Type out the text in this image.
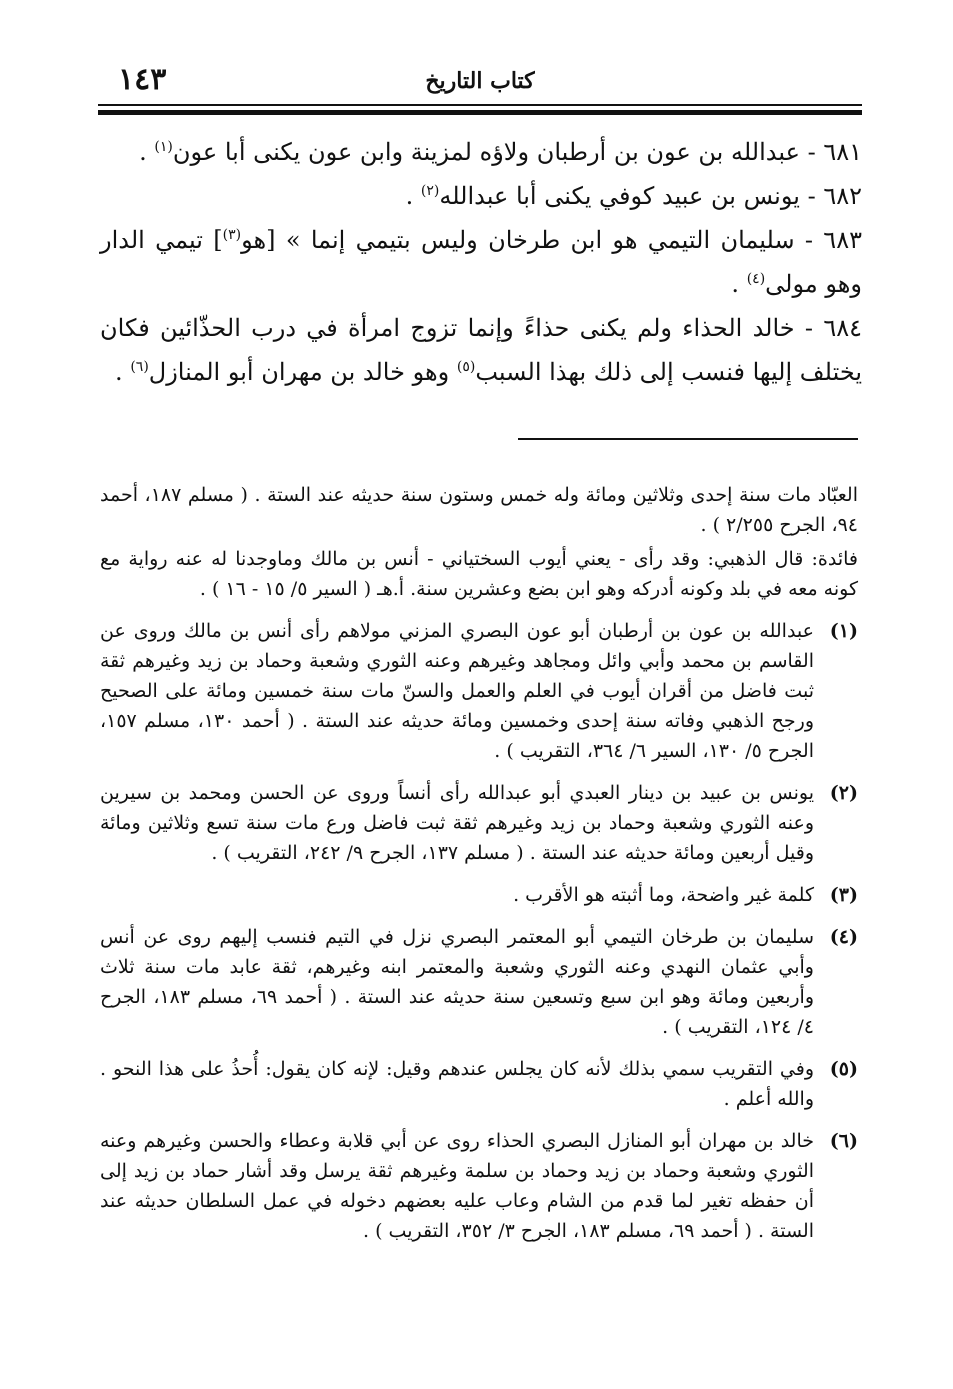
١٤٣	كتاب التاريخ
٦٨١ - عبدالله بن عون بن أرطبان ولاؤه لمزينة وابن عون يكنى أبا عون$^{(١)}$ .
٦٨٢ - يونس بن عبيد كوفي يكنى أبا عبدالله$^{(٢)}$ .
٦٨٣ - سليمان التيمي هو ابن طرخان وليس بتيمي إنما » [هو$^{(٣)}$] تيمي الدار وهو مولى$^{(٤)}$ .
٦٨٤ - خالد الحذاء ولم يكنى حذاءً وإنما تزوج امرأة في درب الحذّائين فكان يختلف إليها فنسب إلى ذلك بهذا السبب$^{(٥)}$ وهو خالد بن مهران أبو المنازل$^{(٦)}$ .

العبّاد مات سنة إحدى وثلاثين ومائة وله خمس وستون سنة حديثه عند الستة . ( مسلم ١٨٧، أحمد ٩٤، الجرح ٢/٢٥٥ ) .

فائدة: قال الذهبي: وقد رأى - يعني أيوب السختياني - أنس بن مالك وماوجدنا له عنه رواية مع كونه معه في بلد وكونه أدركه وهو ابن بضع وعشرين سنة. أ.هـ ( السير ٥/ ١٥ - ١٦ ) .

(١)
عبدالله بن عون بن أرطبان أبو عون البصري المزني مولاهم رأى أنس بن مالك وروى عن القاسم بن محمد وأبي وائل ومجاهد وغيرهم وعنه الثوري وشعبة وحماد بن زيد وغيرهم ثقة ثبت فاضل من أقران أيوب في العلم والعمل والسنّ مات سنة خمسين ومائة على الصحيح ورجح الذهبي وفاته سنة إحدى وخمسين ومائة حديثه عند الستة . ( أحمد ١٣٠، مسلم ١٥٧، الجرح ٥/ ١٣٠، السير ٦/ ٣٦٤، التقريب ) .
(٢)
يونس بن عبيد بن دينار العبدي أبو عبدالله رأى أنساً وروى عن الحسن ومحمد بن سيرين وعنه الثوري وشعبة وحماد بن زيد وغيرهم ثقة ثبت فاضل ورع مات سنة تسع وثلاثين ومائة وقيل أربعين ومائة حديثه عند الستة . ( مسلم ١٣٧، الجرح ٩/ ٢٤٢، التقريب ) .
(٣)
كلمة غير واضحة، وما أثبته هو الأقرب .
(٤)
سليمان بن طرخان التيمي أبو المعتمر البصري نزل في التيم فنسب إليهم روى عن أنس وأبي عثمان النهدي وعنه الثوري وشعبة والمعتمر ابنه وغيرهم، ثقة عابد مات سنة ثلاث وأربعين ومائة وهو ابن سبع وتسعين سنة حديثه عند الستة . ( أحمد ٦٩، مسلم ١٨٣، الجرح ٤/ ١٢٤، التقريب ) .
(٥)
وفي التقريب سمي بذلك لأنه كان يجلس عندهم وقيل: لإنه كان يقول: أُحذُ على هذا النحو . والله أعلم .
(٦)
خالد بن مهران أبو المنازل البصري الحذاء روى عن أبي قلابة وعطاء والحسن وغيرهم وعنه الثوري وشعبة وحماد بن زيد وحماد بن سلمة وغيرهم ثقة يرسل وقد أشار حماد بن زيد إلى أن حفظه تغير لما قدم من الشام وعاب عليه بعضهم دخوله في عمل السلطان حديثه عند الستة . ( أحمد ٦٩، مسلم ١٨٣، الجرح ٣/ ٣٥٢، التقريب ) .
